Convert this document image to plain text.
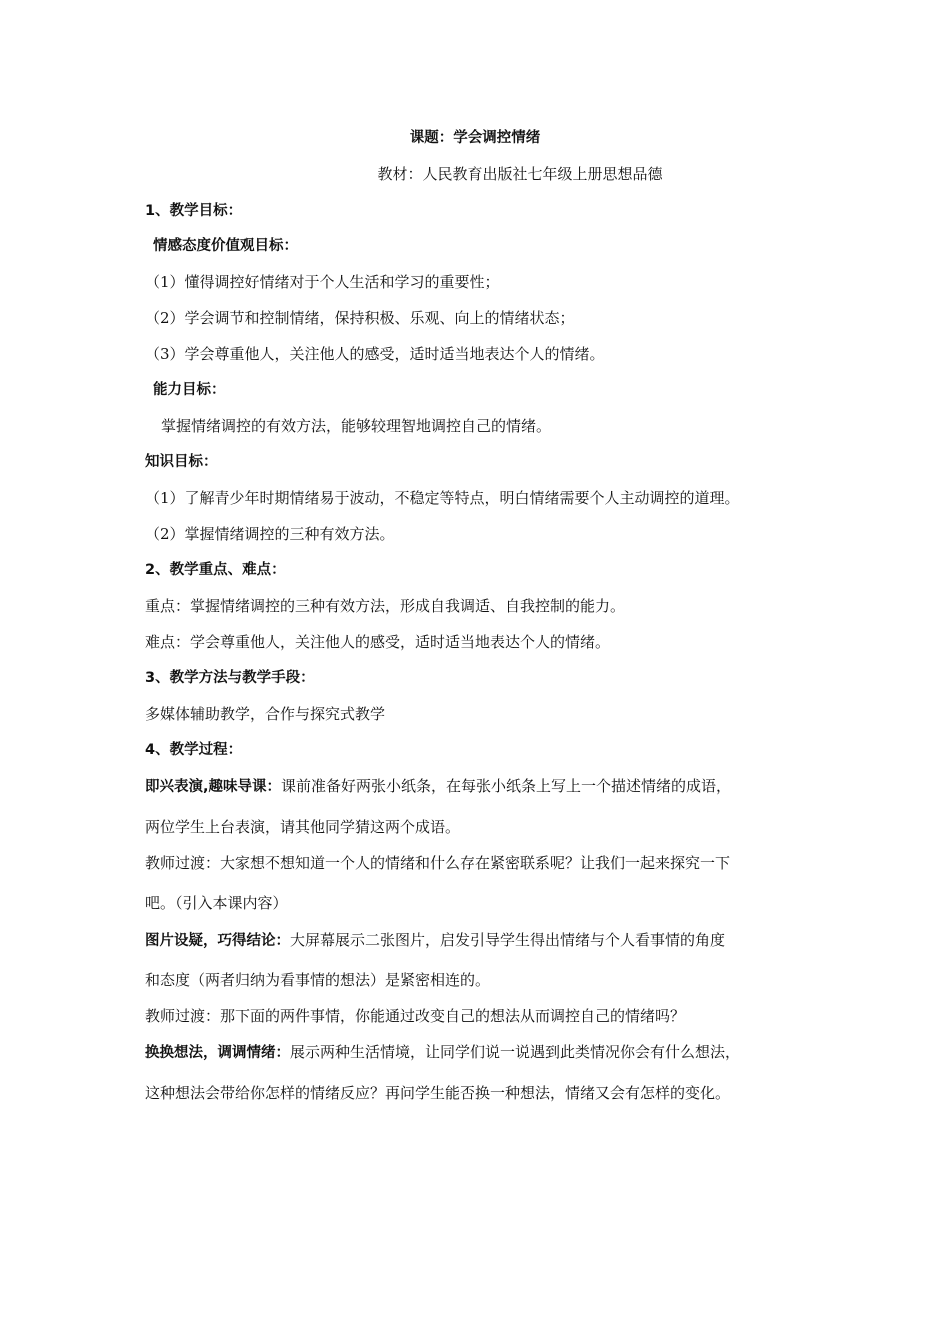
课题：学会调控情绪
教材：人民教育出版社七年级上册思想品德
1、教学目标：
情感态度价值观目标：
（1）懂得调控好情绪对于个人生活和学习的重要性；
（2）学会调节和控制情绪，保持积极、乐观、向上的情绪状态；
（3）学会尊重他人，关注他人的感受，适时适当地表达个人的情绪。
能力目标：
掌握情绪调控的有效方法，能够较理智地调控自己的情绪。
知识目标：
（1）了解青少年时期情绪易于波动，不稳定等特点，明白情绪需要个人主动调控的道理。
（2）掌握情绪调控的三种有效方法。
2、教学重点、难点：
重点：掌握情绪调控的三种有效方法，形成自我调适、自我控制的能力。
难点：学会尊重他人，关注他人的感受，适时适当地表达个人的情绪。
3、教学方法与教学手段：
多媒体辅助教学，合作与探究式教学
4、教学过程：
即兴表演,趣味导课：课前准备好两张小纸条，在每张小纸条上写上一个描述情绪的成语，
两位学生上台表演，请其他同学猜这两个成语。
教师过渡：大家想不想知道一个人的情绪和什么存在紧密联系呢？让我们一起来探究一下
吧。（引入本课内容）
图片设疑，巧得结论：大屏幕展示二张图片，启发引导学生得出情绪与个人看事情的角度
和态度（两者归纳为看事情的想法）是紧密相连的。
教师过渡：那下面的两件事情，你能通过改变自己的想法从而调控自己的情绪吗？
换换想法，调调情绪：展示两种生活情境，让同学们说一说遇到此类情况你会有什么想法，
这种想法会带给你怎样的情绪反应？再问学生能否换一种想法，情绪又会有怎样的变化。
